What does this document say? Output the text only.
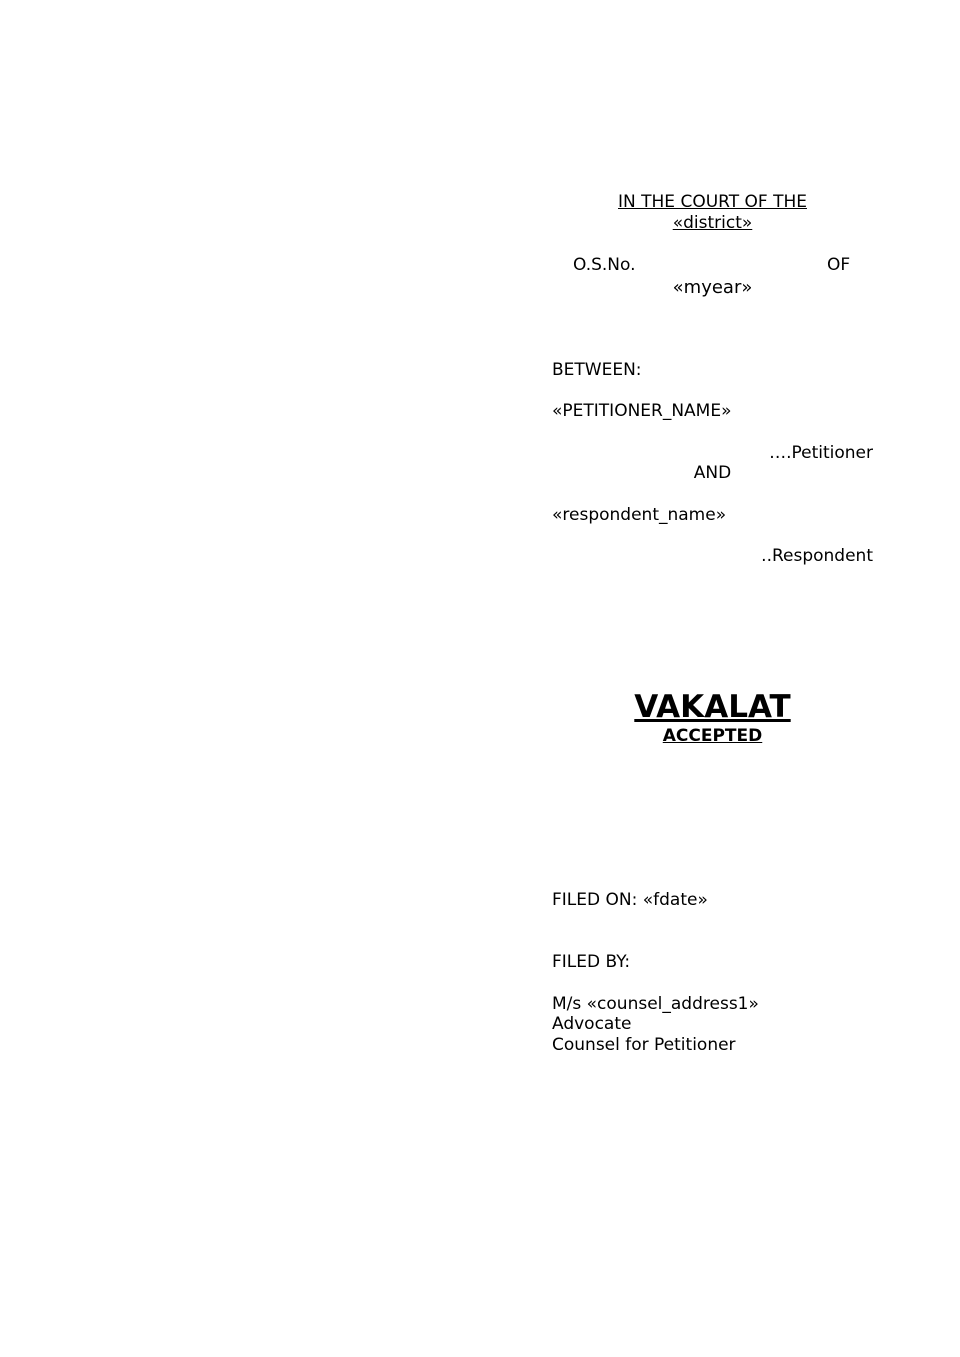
IN THE COURT OF THE
«district»
O.S.No.	OF
«myear»
BETWEEN:
«PETITIONER_NAME»
….Petitioner
AND
«respondent_name»
..Respondent
VAKALAT
ACCEPTED
FILED ON: «fdate»
FILED BY:
M/s «counsel_address1»
Advocate
Counsel for Petitioner
